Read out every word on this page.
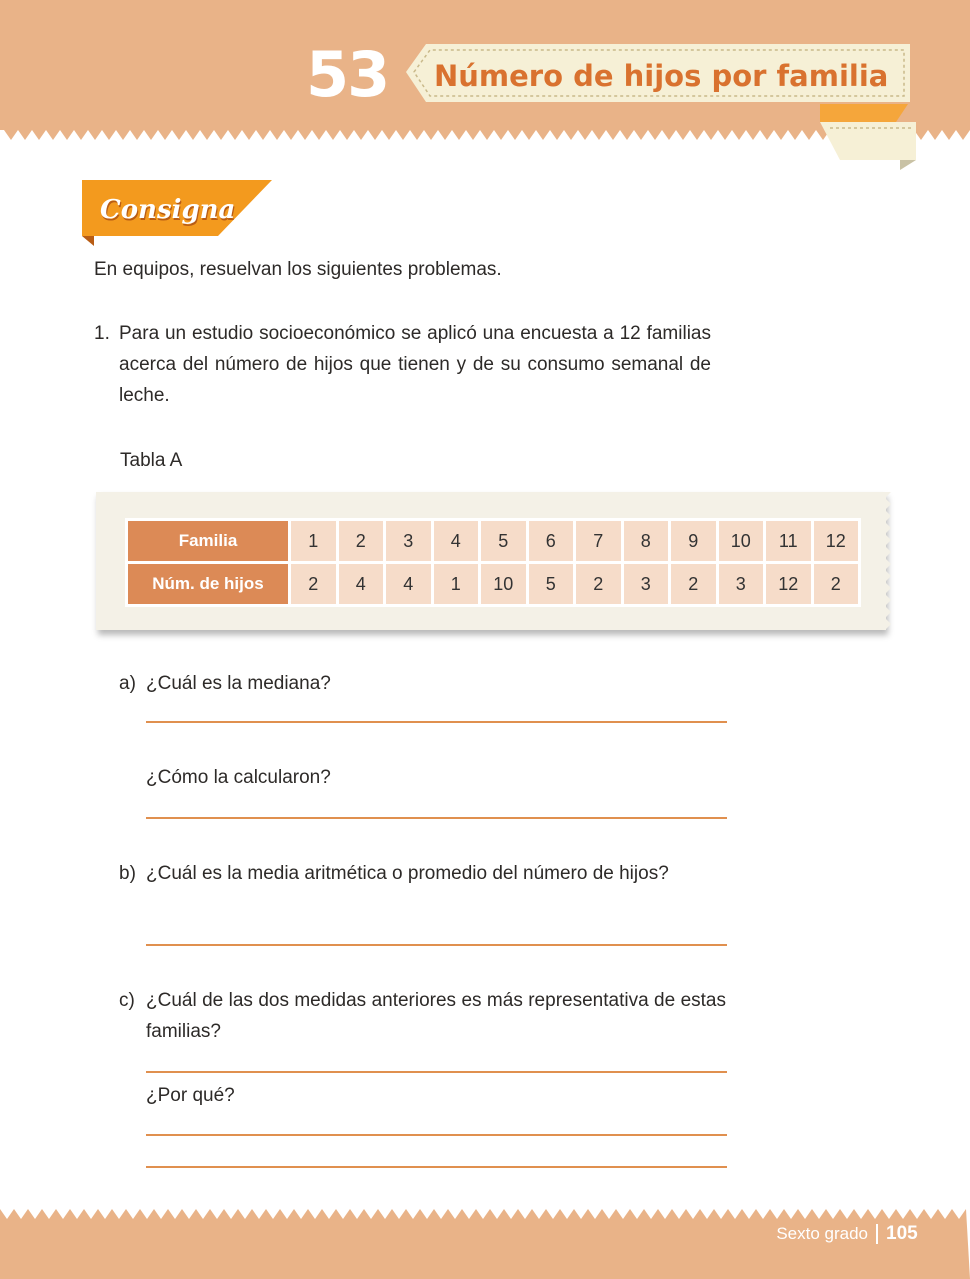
53	Número de hijos por familia
Consigna
En equipos, resuelvan los siguientes problemas.
1. Para un estudio socioeconómico se aplicó una encuesta a 12 familias acerca del número de hijos que tienen y de su consumo semanal de leche.
Tabla A
Familia	1	2	3	4	5	6	7	8	9	10	11	12
Núm. de hijos	2	4	4	1	10	5	2	3	2	3	12	2
a) ¿Cuál es la mediana?
¿Cómo la calcularon?
b) ¿Cuál es la media aritmética o promedio del número de hijos?
c) ¿Cuál de las dos medidas anteriores es más representativa de estas familias?
¿Por qué?
Sexto grado 105
